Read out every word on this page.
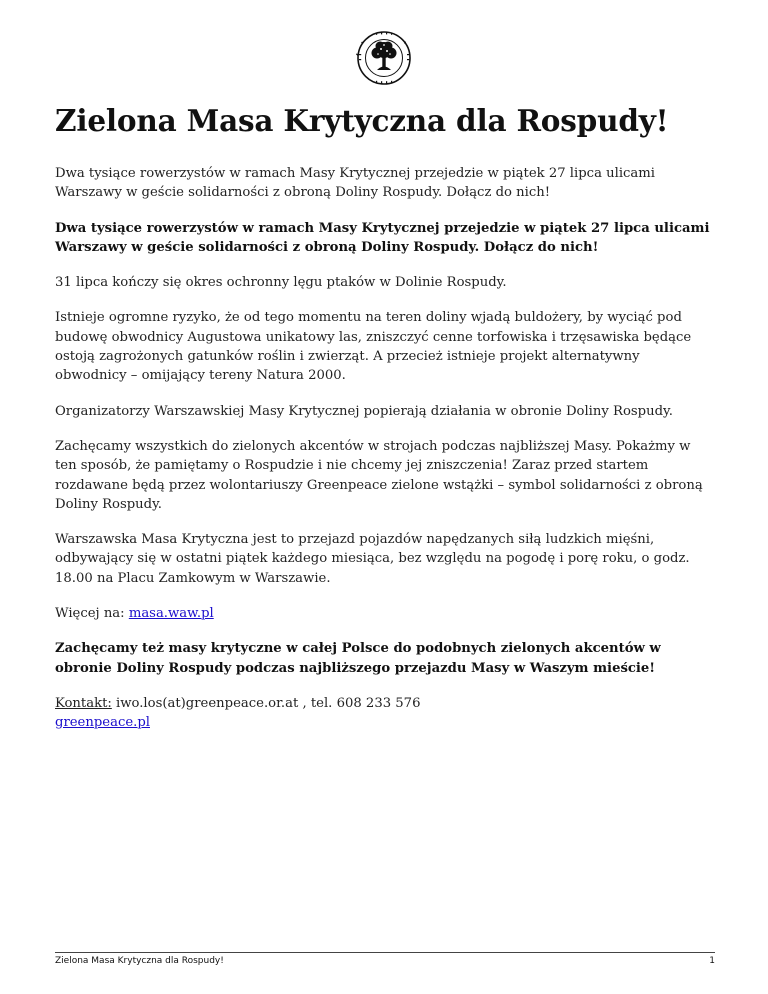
Zielona Masa Krytyczna dla Rospudy!

Dwa tysiące rowerzystów w ramach Masy Krytycznej przejedzie w piątek 27 lipca ulicami Warszawy w geście solidarności z obroną Doliny Rospudy. Dołącz do nich!

Dwa tysiące rowerzystów w ramach Masy Krytycznej przejedzie w piątek 27 lipca ulicami Warszawy w geście solidarności z obroną Doliny Rospudy. Dołącz do nich!

31 lipca kończy się okres ochronny lęgu ptaków w Dolinie Rospudy.

Istnieje ogromne ryzyko, że od tego momentu na teren doliny wjadą buldożery, by wyciąć pod budowę obwodnicy Augustowa unikatowy las, zniszczyć cenne torfowiska i trzęsawiska będące ostoją zagrożonych gatunków roślin i zwierząt. A przecież istnieje projekt alternatywny obwodnicy – omijający tereny Natura 2000.

Organizatorzy Warszawskiej Masy Krytycznej popierają działania w obronie Doliny Rospudy.

Zachęcamy wszystkich do zielonych akcentów w strojach podczas najbliższej Masy. Pokażmy w ten sposób, że pamiętamy o Rospudzie i nie chcemy jej zniszczenia! Zaraz przed startem rozdawane będą przez wolontariuszy Greenpeace zielone wstążki – symbol solidarności z obroną Doliny Rospudy.

Warszawska Masa Krytyczna jest to przejazd pojazdów napędzanych siłą ludzkich mięśni, odbywający się w ostatni piątek każdego miesiąca, bez względu na pogodę i porę roku, o godz. 18.00 na Placu Zamkowym w Warszawie.

Więcej na: masa.waw.pl

Zachęcamy też masy krytyczne w całej Polsce do podobnych zielonych akcentów w obronie Doliny Rospudy podczas najbliższego przejazdu Masy w Waszym mieście!

Kontakt: iwo.los(at)greenpeace.or.at , tel. 608 233 576
greenpeace.pl

Zielona Masa Krytyczna dla Rospudy!	1
